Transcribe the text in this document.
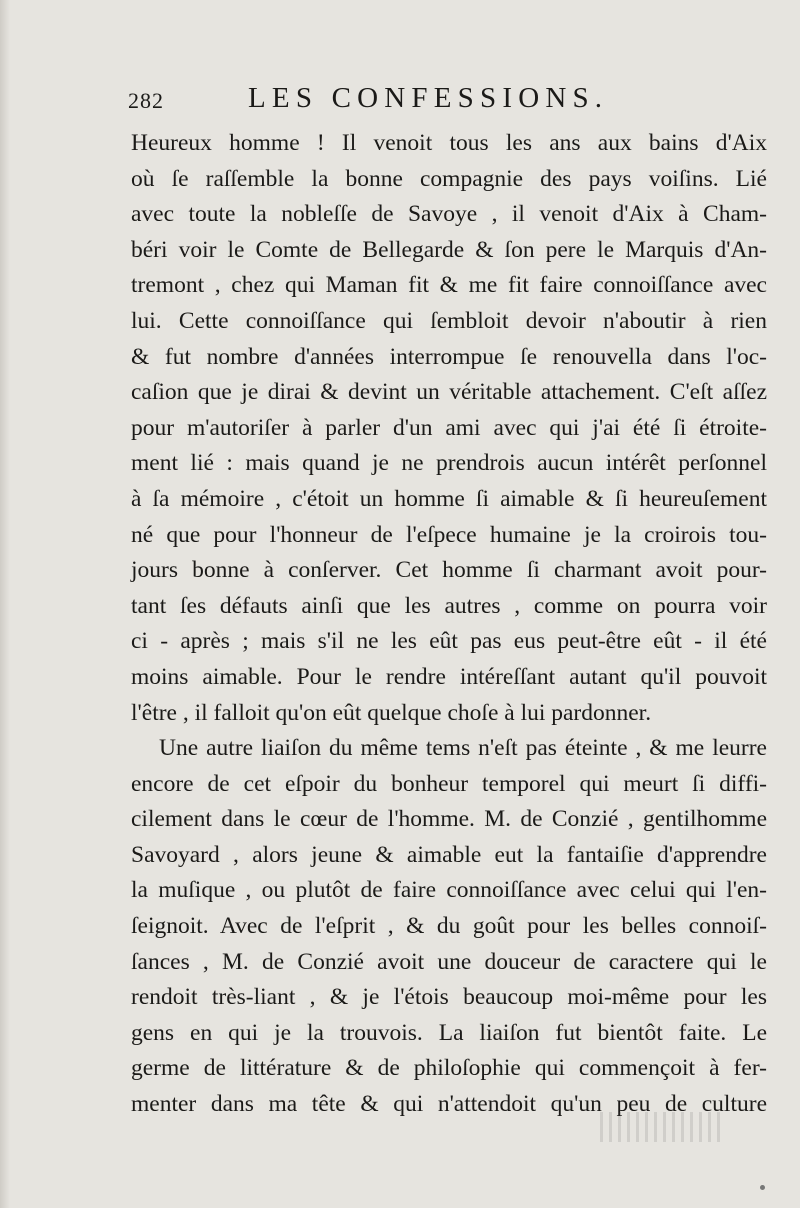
282	LES CONFESSIONS.
Heureux homme ! Il venoit tous les ans aux bains d'Aix
où ſe raſſemble la bonne compagnie des pays voiſins. Lié
avec toute la nobleſſe de Savoye , il venoit d'Aix à Cham-
béri voir le Comte de Bellegarde & ſon pere le Marquis d'An-
tremont , chez qui Maman fit & me fit faire connoiſſance avec
lui. Cette connoiſſance qui ſembloit devoir n'aboutir à rien
& fut nombre d'années interrompue ſe renouvella dans l'oc-
caſion que je dirai & devint un véritable attachement. C'eſt aſſez
pour m'autoriſer à parler d'un ami avec qui j'ai été ſi étroite-
ment lié : mais quand je ne prendrois aucun intérêt perſonnel
à ſa mémoire , c'étoit un homme ſi aimable & ſi heureuſement
né que pour l'honneur de l'eſpece humaine je la croirois tou-
jours bonne à conſerver. Cet homme ſi charmant avoit pour-
tant ſes défauts ainſi que les autres , comme on pourra voir
ci - après ; mais s'il ne les eût pas eus peut-être eût - il été
moins aimable. Pour le rendre intéreſſant autant qu'il pouvoit
l'être , il falloit qu'on eût quelque choſe à lui pardonner.
Une autre liaiſon du même tems n'eſt pas éteinte , & me leurre
encore de cet eſpoir du bonheur temporel qui meurt ſi diffi-
cilement dans le cœur de l'homme. M. de Conzié , gentilhomme
Savoyard , alors jeune & aimable eut la fantaiſie d'apprendre
la muſique , ou plutôt de faire connoiſſance avec celui qui l'en-
ſeignoit. Avec de l'eſprit , & du goût pour les belles connoiſ-
ſances , M. de Conzié avoit une douceur de caractere qui le
rendoit très-liant , & je l'étois beaucoup moi-même pour les
gens en qui je la trouvois. La liaiſon fut bientôt faite. Le
germe de littérature & de philoſophie qui commençoit à fer-
menter dans ma tête & qui n'attendoit qu'un peu de culture
